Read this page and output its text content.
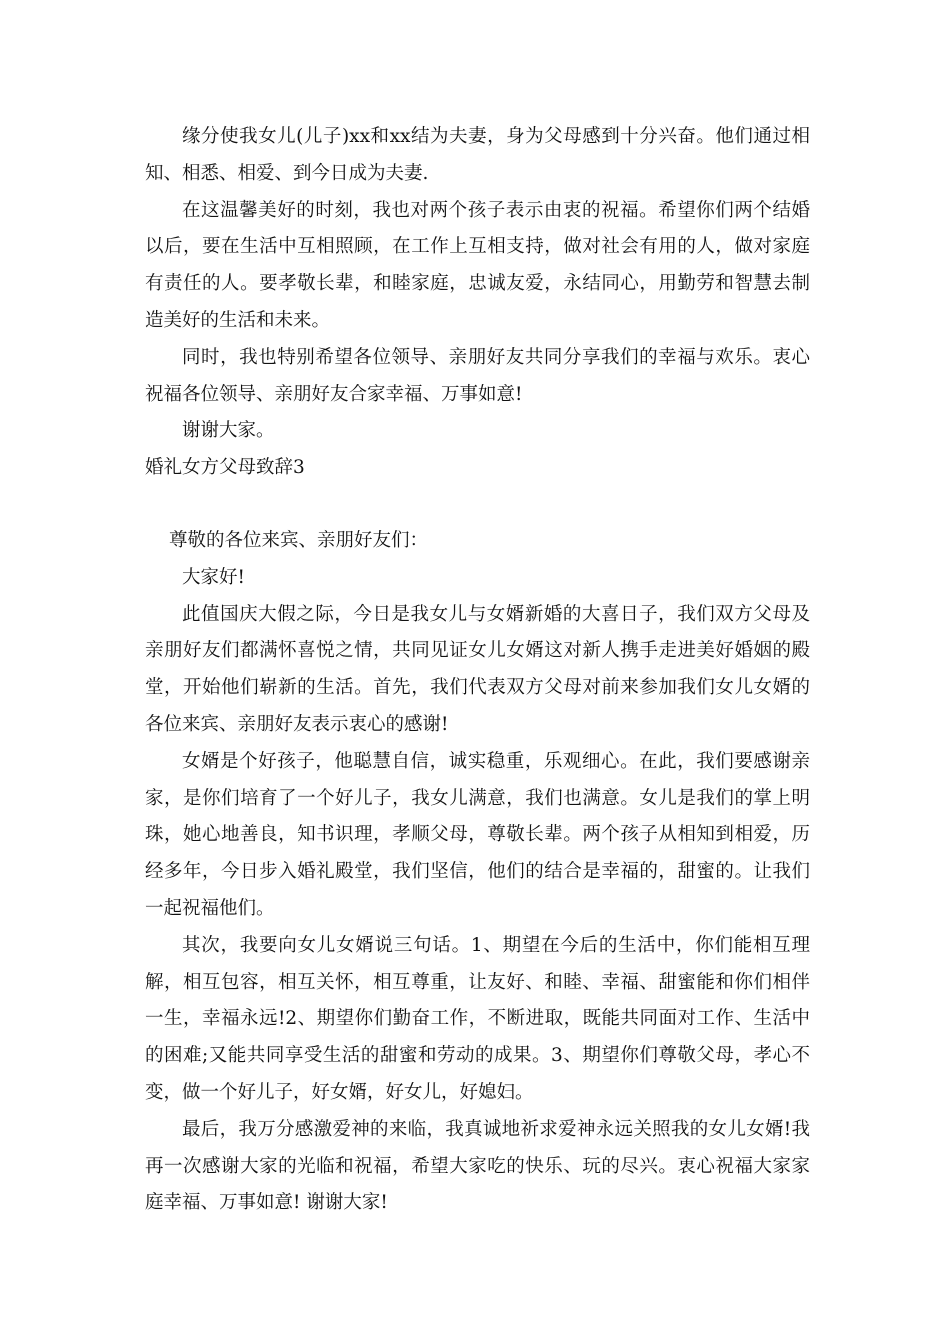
缘分使我女儿(儿子)xx和xx结为夫妻，身为父母感到十分兴奋。他们通过相知、相悉、相爱、到今日成为夫妻.

在这温馨美好的时刻，我也对两个孩子表示由衷的祝福。希望你们两个结婚以后，要在生活中互相照顾，在工作上互相支持，做对社会有用的人，做对家庭有责任的人。要孝敬长辈，和睦家庭，忠诚友爱，永结同心，用勤劳和智慧去制造美好的生活和未来。

同时，我也特别希望各位领导、亲朋好友共同分享我们的幸福与欢乐。衷心祝福各位领导、亲朋好友合家幸福、万事如意!

谢谢大家。

婚礼女方父母致辞3

尊敬的各位来宾、亲朋好友们：

大家好!

此值国庆大假之际，今日是我女儿与女婿新婚的大喜日子，我们双方父母及亲朋好友们都满怀喜悦之情，共同见证女儿女婿这对新人携手走进美好婚姻的殿堂，开始他们崭新的生活。首先，我们代表双方父母对前来参加我们女儿女婿的各位来宾、亲朋好友表示衷心的感谢!

女婿是个好孩子，他聪慧自信，诚实稳重，乐观细心。在此，我们要感谢亲家，是你们培育了一个好儿子，我女儿满意，我们也满意。女儿是我们的掌上明珠，她心地善良，知书识理，孝顺父母，尊敬长辈。两个孩子从相知到相爱，历经多年，今日步入婚礼殿堂，我们坚信，他们的结合是幸福的，甜蜜的。让我们一起祝福他们。

其次，我要向女儿女婿说三句话。1、期望在今后的生活中，你们能相互理解，相互包容，相互关怀，相互尊重，让友好、和睦、幸福、甜蜜能和你们相伴一生，幸福永远!2、期望你们勤奋工作，不断进取，既能共同面对工作、生活中的困难;又能共同享受生活的甜蜜和劳动的成果。3、期望你们尊敬父母，孝心不变，做一个好儿子，好女婿，好女儿，好媳妇。

最后，我万分感激爱神的来临，我真诚地祈求爱神永远关照我的女儿女婿!我再一次感谢大家的光临和祝福，希望大家吃的快乐、玩的尽兴。衷心祝福大家家庭幸福、万事如意! 谢谢大家!
